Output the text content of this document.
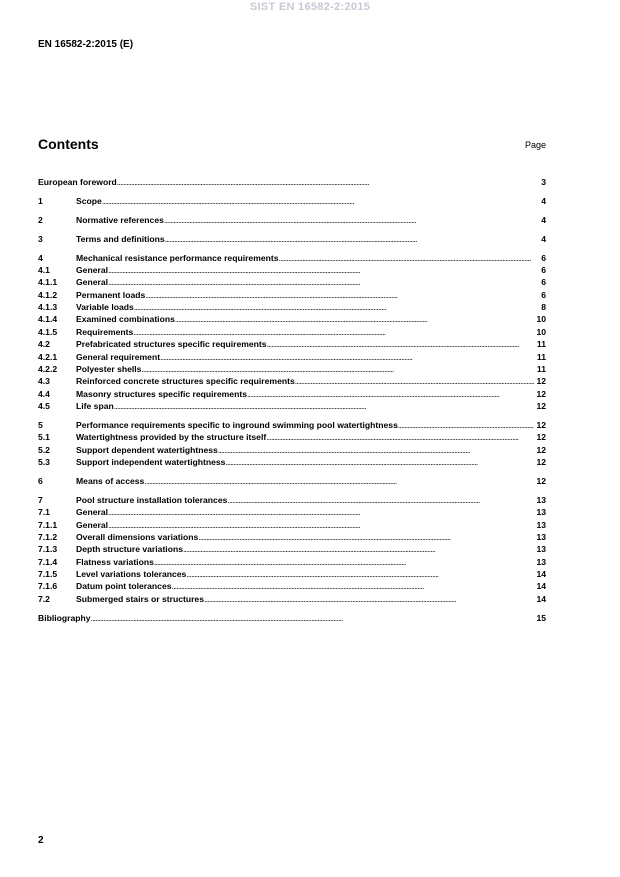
SIST EN 16582-2:2015
EN 16582-2:2015 (E)
Contents	Page
European foreword . . .	3
1	Scope . . .	4
2	Normative references . . .	4
3	Terms and definitions . . .	4
4	Mechanical resistance performance requirements . . .	6
4.1	General . . .	6
4.1.1	General . . .	6
4.1.2	Permanent loads . . .	6
4.1.3	Variable loads . . .	8
4.1.4	Examined combinations . . .	10
4.1.5	Requirements . . .	10
4.2	Prefabricated structures specific requirements . . .	11
4.2.1	General requirement . . .	11
4.2.2	Polyester shells . . .	11
4.3	Reinforced concrete structures specific requirements . . .	12
4.4	Masonry structures specific requirements . . .	12
4.5	Life span . . .	12
5	Performance requirements specific to inground swimming pool watertightness . . .	12
5.1	Watertightness provided by the structure itself . . .	12
5.2	Support dependent watertightness . . .	12
5.3	Support independent watertightness . . .	12
6	Means of access . . .	12
7	Pool structure installation tolerances . . .	13
7.1	General . . .	13
7.1.1	General . . .	13
7.1.2	Overall dimensions variations . . .	13
7.1.3	Depth structure variations . . .	13
7.1.4	Flatness variations . . .	13
7.1.5	Level variations tolerances . . .	14
7.1.6	Datum point tolerances . . .	14
7.2	Submerged stairs or structures . . .	14
Bibliography . . .	15
2
